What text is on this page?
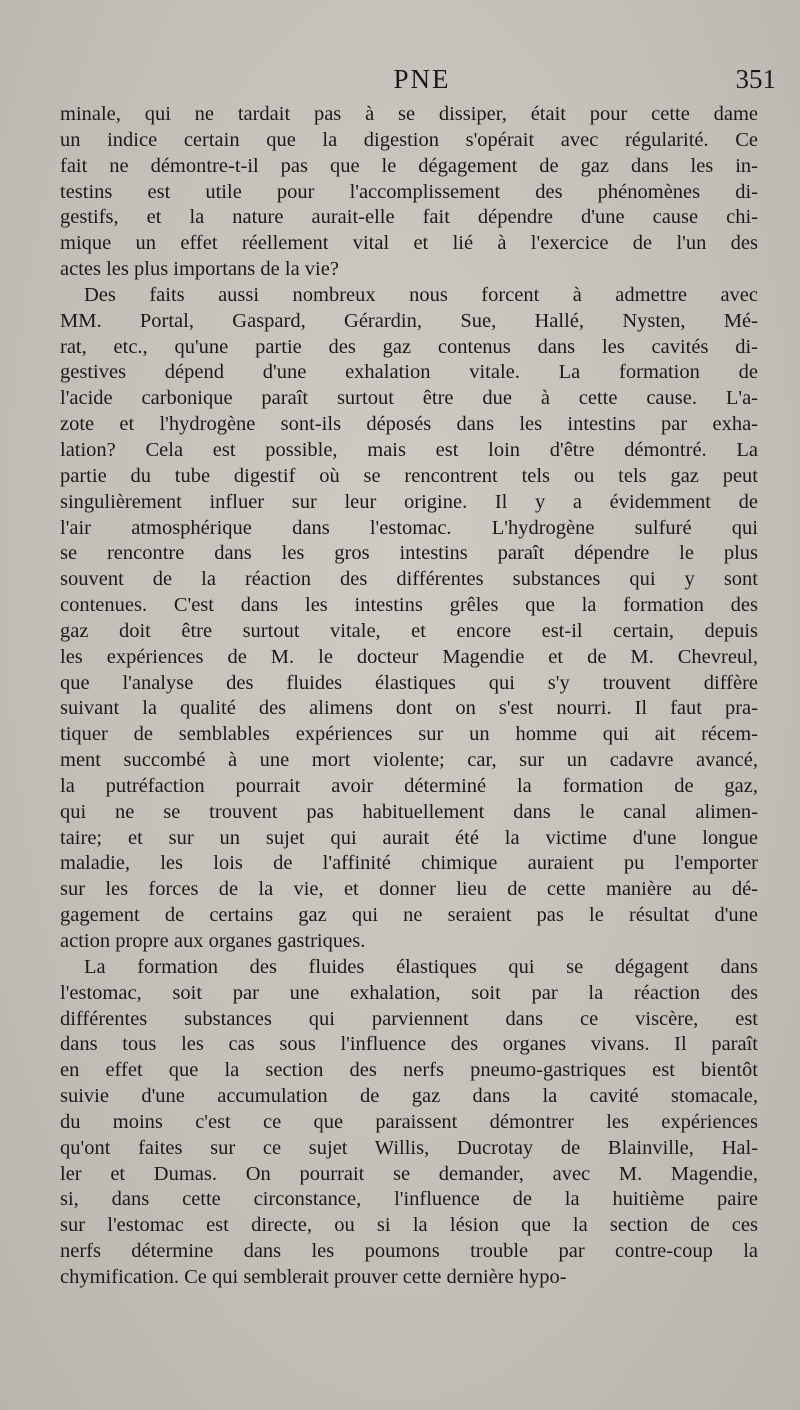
PNE	351
minale, qui ne tardait pas à se dissiper, était pour cette dame
un indice certain que la digestion s'opérait avec régularité. Ce
fait ne démontre-t-il pas que le dégagement de gaz dans les in-
testins est utile pour l'accomplissement des phénomènes di-
gestifs, et la nature aurait-elle fait dépendre d'une cause chi-
mique un effet réellement vital et lié à l'exercice de l'un des
actes les plus importans de la vie?
Des faits aussi nombreux nous forcent à admettre avec
MM. Portal, Gaspard, Gérardin, Sue, Hallé, Nysten, Mé-
rat, etc., qu'une partie des gaz contenus dans les cavités di-
gestives dépend d'une exhalation vitale. La formation de
l'acide carbonique paraît surtout être due à cette cause. L'a-
zote et l'hydrogène sont-ils déposés dans les intestins par exha-
lation? Cela est possible, mais est loin d'être démontré. La
partie du tube digestif où se rencontrent tels ou tels gaz peut
singulièrement influer sur leur origine. Il y a évidemment de
l'air atmosphérique dans l'estomac. L'hydrogène sulfuré qui
se rencontre dans les gros intestins paraît dépendre le plus
souvent de la réaction des différentes substances qui y sont
contenues. C'est dans les intestins grêles que la formation des
gaz doit être surtout vitale, et encore est-il certain, depuis
les expériences de M. le docteur Magendie et de M. Chevreul,
que l'analyse des fluides élastiques qui s'y trouvent diffère
suivant la qualité des alimens dont on s'est nourri. Il faut pra-
tiquer de semblables expériences sur un homme qui ait récem-
ment succombé à une mort violente; car, sur un cadavre avancé,
la putréfaction pourrait avoir déterminé la formation de gaz,
qui ne se trouvent pas habituellement dans le canal alimen-
taire; et sur un sujet qui aurait été la victime d'une longue
maladie, les lois de l'affinité chimique auraient pu l'emporter
sur les forces de la vie, et donner lieu de cette manière au dé-
gagement de certains gaz qui ne seraient pas le résultat d'une
action propre aux organes gastriques.
La formation des fluides élastiques qui se dégagent dans
l'estomac, soit par une exhalation, soit par la réaction des
différentes substances qui parviennent dans ce viscère, est
dans tous les cas sous l'influence des organes vivans. Il paraît
en effet que la section des nerfs pneumo-gastriques est bientôt
suivie d'une accumulation de gaz dans la cavité stomacale,
du moins c'est ce que paraissent démontrer les expériences
qu'ont faites sur ce sujet Willis, Ducrotay de Blainville, Hal-
ler et Dumas. On pourrait se demander, avec M. Magendie,
si, dans cette circonstance, l'influence de la huitième paire
sur l'estomac est directe, ou si la lésion que la section de ces
nerfs détermine dans les poumons trouble par contre-coup la
chymification. Ce qui semblerait prouver cette dernière hypo-
